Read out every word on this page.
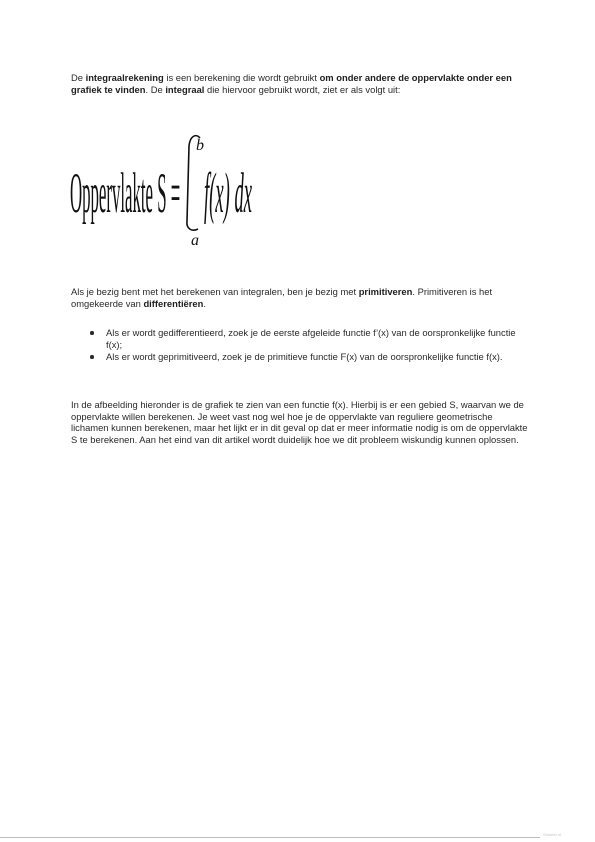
De integraalrekening is een berekening die wordt gebruikt om onder andere de oppervlakte onder een grafiek te vinden. De integraal die hiervoor gebruikt wordt, ziet er als volgt uit:

Oppervlakte S =
b
a
f(x) dx

Als je bezig bent met het berekenen van integralen, ben je bezig met primitiveren. Primitiveren is het omgekeerde van differentiëren.

Als er wordt gedifferentieerd, zoek je de eerste afgeleide functie f’(x) van de oorspronkelijke functie f(x);
Als er wordt geprimitiveerd, zoek je de primitieve functie F(x) van de oorspronkelijke functie f(x).

In de afbeelding hieronder is de grafiek te zien van een functie f(x). Hierbij is er een gebied S, waarvan we de oppervlakte willen berekenen. Je weet vast nog wel hoe je de oppervlakte van reguliere geometrische lichamen kunnen berekenen, maar het lijkt er in dit geval op dat er meer informatie nodig is om de oppervlakte S te berekenen. Aan het eind van dit artikel wordt duidelijk hoe we dit probleem wiskundig kunnen oplossen.

Studeer.nl
